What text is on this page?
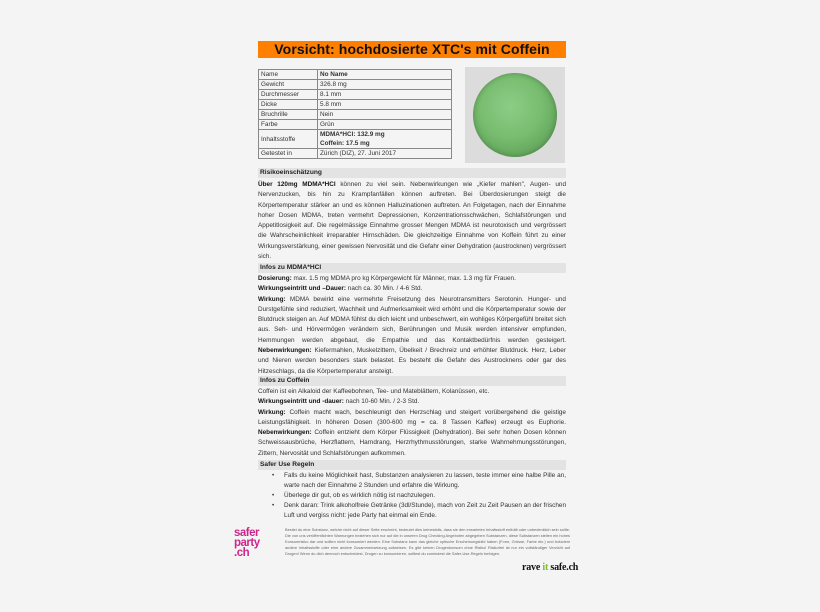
Vorsicht: hochdosierte XTC's mit Coffein
Name	No Name
Gewicht	326.8 mg
Durchmesser	8.1 mm
Dicke	5.8 mm
Bruchrille	Nein
Farbe	Grün
Inhaltsstoffe	MDMA*HCl: 132.9 mg
Coffein: 17.5 mg

Getestet in	Zürich (DIZ), 27. Juni 2017
Risikoeinschätzung
Über 120mg MDMA*HCl können zu viel sein. Nebenwirkungen wie „Kiefer mahlen", Augen- und Nervenzucken, bis hin zu Krampfanfällen können auftreten. Bei Überdosierungen steigt die Körpertemperatur stärker an und es können Halluzinationen auftreten. An Folgetagen, nach der Einnahme hoher Dosen MDMA, treten vermehrt Depressionen, Konzentrationsschwächen, Schlafstörungen und Appetitlosigkeit auf. Die regelmässige Einnahme grosser Mengen MDMA ist neurotoxisch und vergrössert die Wahrscheinlichkeit irreparabler Hirnschäden. Die gleichzeitige Einnahme von Koffein führt zu einer Wirkungsverstärkung, einer gewissen Nervosität und die Gefahr einer Dehydration (austrocknen) vergrössert sich.
Infos zu MDMA*HCl
Dosierung: max. 1.5 mg MDMA pro kg Körpergewicht für Männer, max. 1.3 mg für Frauen.
Wirkungseintritt und –Dauer: nach ca. 30 Min. / 4-6 Std.
Wirkung: MDMA bewirkt eine vermehrte Freisetzung des Neurotransmitters Serotonin. Hunger- und Durstgefühle sind reduziert, Wachheit und Aufmerksamkeit wird erhöht und die Körpertemperatur sowie der Blutdruck steigen an. Auf MDMA fühlst du dich leicht und unbeschwert, ein wohliges Körpergefühl breitet sich aus. Seh- und Hörvermögen verändern sich, Berührungen und Musik werden intensiver empfunden, Hemmungen werden abgebaut, die Empathie und das Kontaktbedürfnis werden gesteigert. Nebenwirkungen: Kiefermahlen, Muskelzittern, Übelkeit / Brechreiz und erhöhter Blutdruck. Herz, Leber und Nieren werden besonders stark belastet. Es besteht die Gefahr des Austrocknens oder gar des Hitzeschlags, da die Körpertemperatur ansteigt.
Infos zu Coffein
Coffein ist ein Alkaloid der Kaffeebohnen, Tee- und Mateblättern, Kolanüssen, etc.
Wirkungseintritt und -dauer: nach 10-60 Min. / 2-3 Std.
Wirkung: Coffein macht wach, beschleunigt den Herzschlag und steigert vorübergehend die geistige Leistungsfähigkeit. In höheren Dosen (300-600 mg = ca. 8 Tassen Kaffee) erzeugt es Euphorie. Nebenwirkungen: Coffein entzieht dem Körper Flüssigkeit (Dehydration). Bei sehr hohen Dosen können Schweissausbrüche, Herzflattern, Harndrang, Herzrhythmusstörungen, starke Wahrnehmungsstörungen, Zittern, Nervosität und Schlafstörungen aufkommen.
Safer Use Regeln
• Falls du keine Möglichkeit hast, Substanzen analysieren zu lassen, teste immer eine halbe Pille an, warte nach der Einnahme 2 Stunden und erfahre die Wirkung.
• Überlege dir gut, ob es wirklich nötig ist nachzulegen.
• Denk daran: Trink alkoholfreie Getränke (3dl/Stunde), mach von Zeit zu Zeit Pausen an der frischen Luft und vergiss nicht: jede Party hat einmal ein Ende.
safer
party
.ch
Besitzt du eine Substanz, welche nicht auf dieser Seite erscheint, bedeutet dies keinesfalls, dass sie den erwarteten Inhaltsstoff enthält oder unbedenklich sein sollte. Die von uns veröffentlichten Warnungen beziehen sich nur auf die in unseren Drug Checking Angeboten abgegeben Substanzen, diese Substanzen stellen ein hohes Konsumrisiko dar und sollten nicht konsumiert werden. Eine Substanz kann das gleiche optische Erscheinungsbild haben (Form, Grösse, Farbe etc.) und trotzdem andere Inhaltsstoffe oder eine andere Zusammensetzung aufweisen. Es gibt keinen Drogenkonsum ohne Risiko! Risikofrei ist nur ein vollständiger Verzicht auf Drogen! Wenn du dich dennoch entscheidest, Drogen zu konsumieren, solltest du zumindest die Safer-Use-Regeln befolgen.
rave it safe.ch
